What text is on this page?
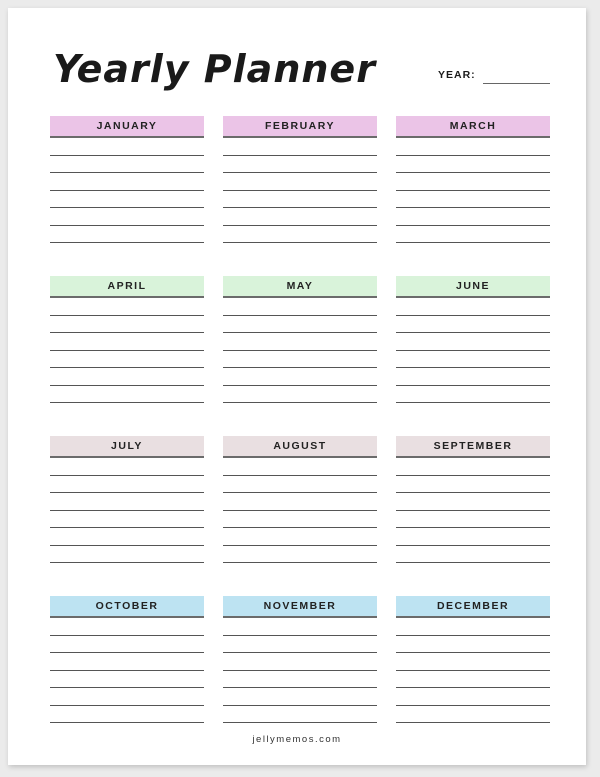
Yearly Planner	YEAR:
JANUARY	FEBRUARY	MARCH
APRIL	MAY	JUNE
JULY	AUGUST	SEPTEMBER
OCTOBER	NOVEMBER	DECEMBER
jellymemos.com
